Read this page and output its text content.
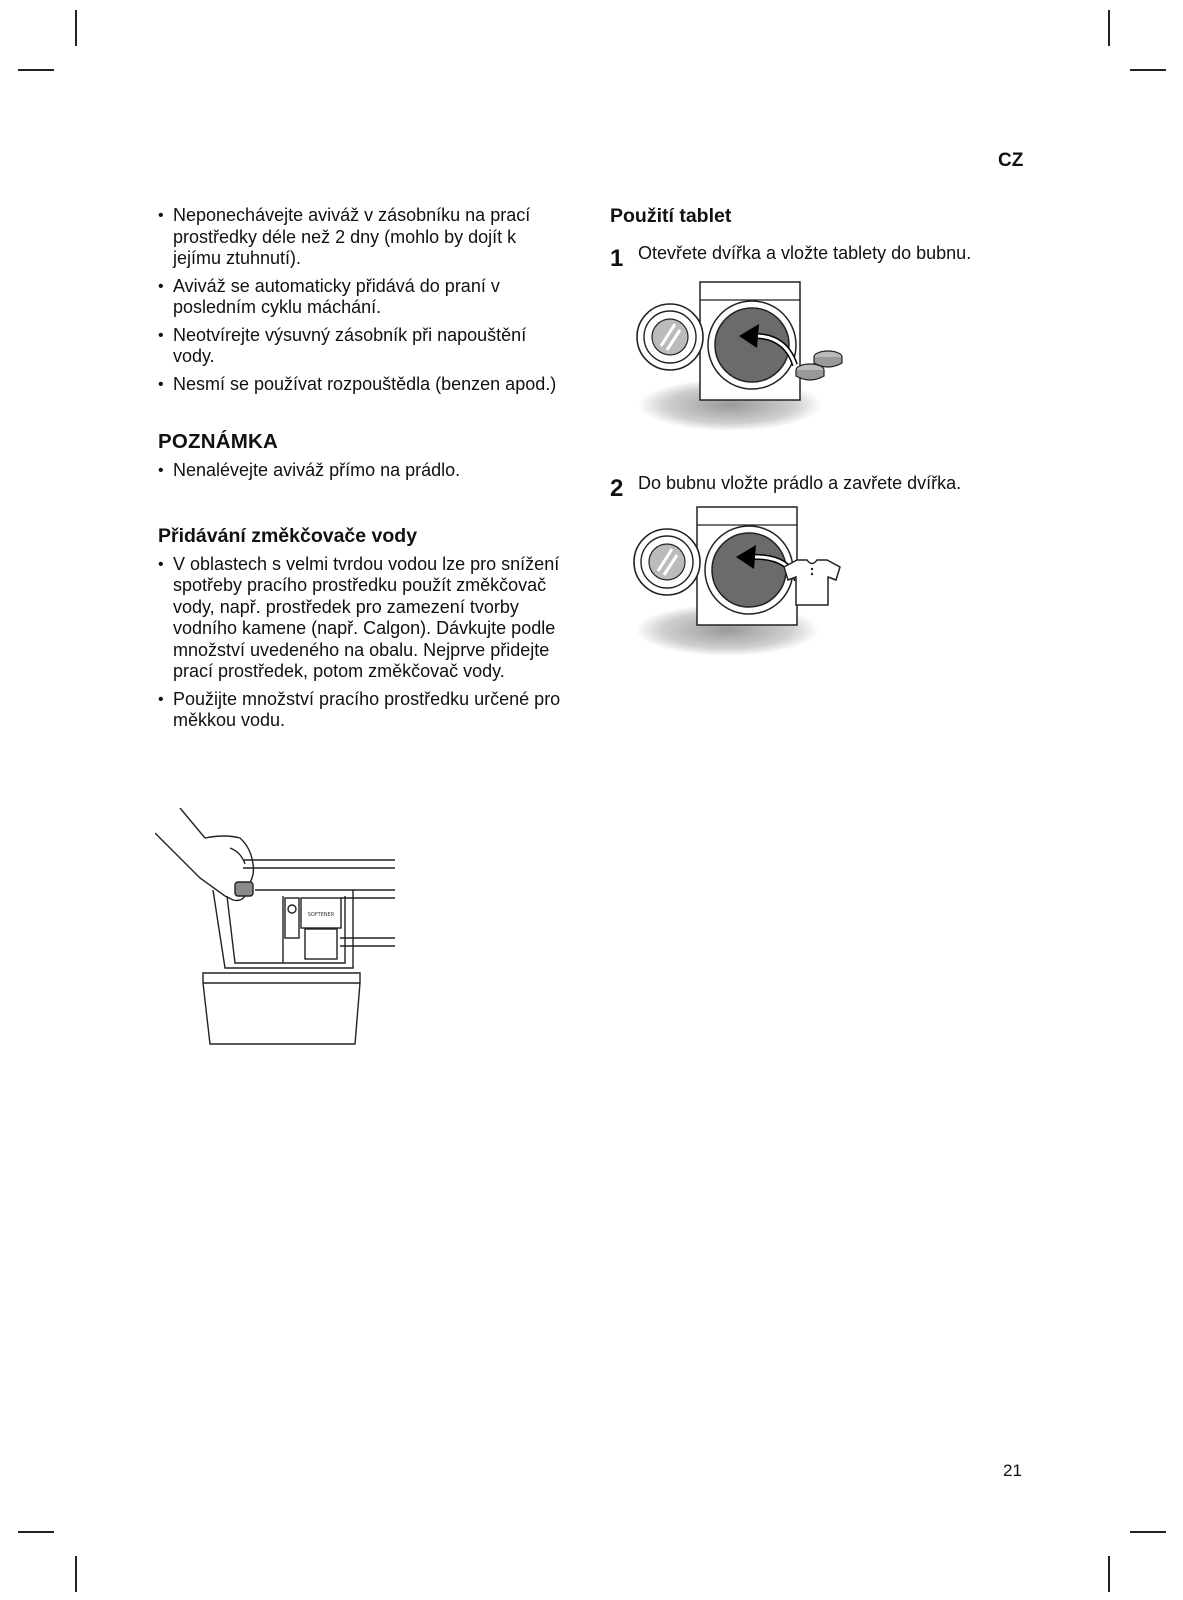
CZ
• Neponechávejte aviváž v zásobníku na prací prostředky déle než 2 dny (mohlo by dojít k jejímu ztuhnutí).
• Aviváž se automaticky přidává do praní v posledním cyklu máchání.
• Neotvírejte výsuvný zásobník při napouštění vody.
• Nesmí se používat rozpouštědla (benzen apod.)
POZNÁMKA
• Nenalévejte aviváž přímo na prádlo.
Přidávání změkčovače vody
• V oblastech s velmi tvrdou vodou lze pro snížení spotřeby pracího prostředku použít změkčovač vody, např. prostředek pro zamezení tvorby vodního kamene (např. Calgon). Dávkujte podle množství uvedeného na obalu. Nejprve přidejte prací prostředek, potom změkčovač vody.
• Použijte množství pracího prostředku určené pro měkkou vodu.
SOFTENER
Použití tablet
1 Otevřete dvířka a vložte tablety do bubnu.
2 Do bubnu vložte prádlo a zavřete dvířka.
21
